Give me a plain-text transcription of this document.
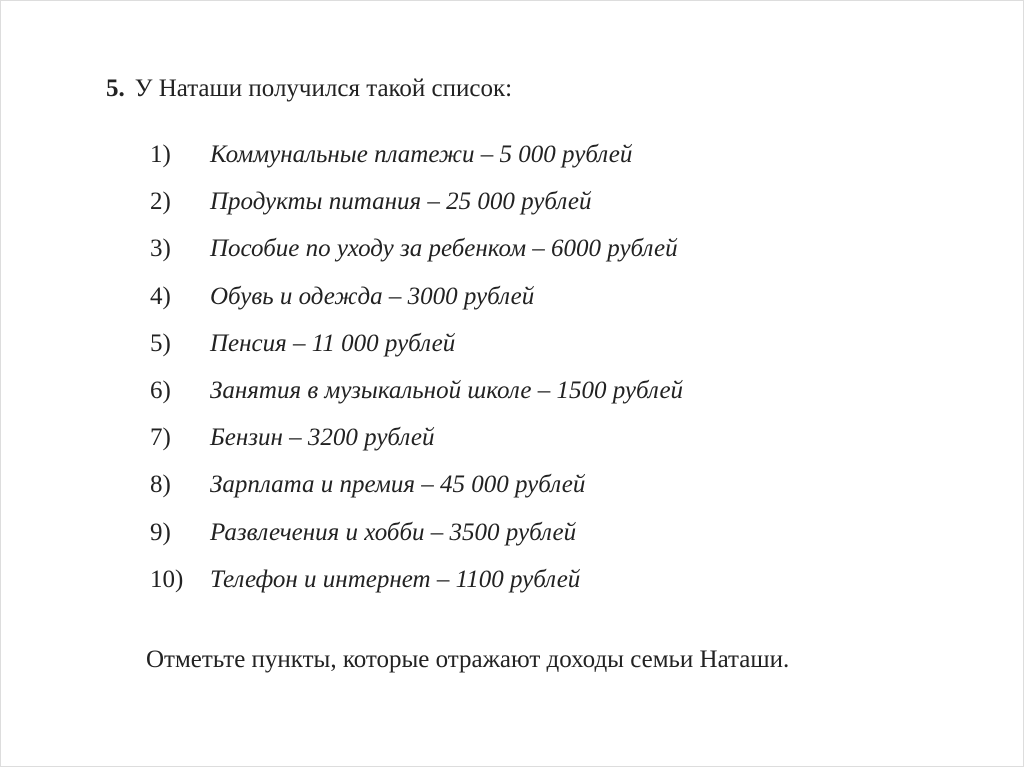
5. У Наташи получился такой список:
1)	Коммунальные платежи – 5 000 рублей
2)	Продукты питания – 25 000 рублей
3)	Пособие по уходу за ребенком – 6000 рублей
4)	Обувь и одежда – 3000 рублей
5)	Пенсия – 11 000 рублей
6)	Занятия в музыкальной школе – 1500 рублей
7)	Бензин – 3200 рублей
8)	Зарплата и премия – 45 000 рублей
9)	Развлечения и хобби – 3500 рублей
10)	Телефон и интернет – 1100 рублей
Отметьте пункты, которые отражают доходы семьи Наташи.
